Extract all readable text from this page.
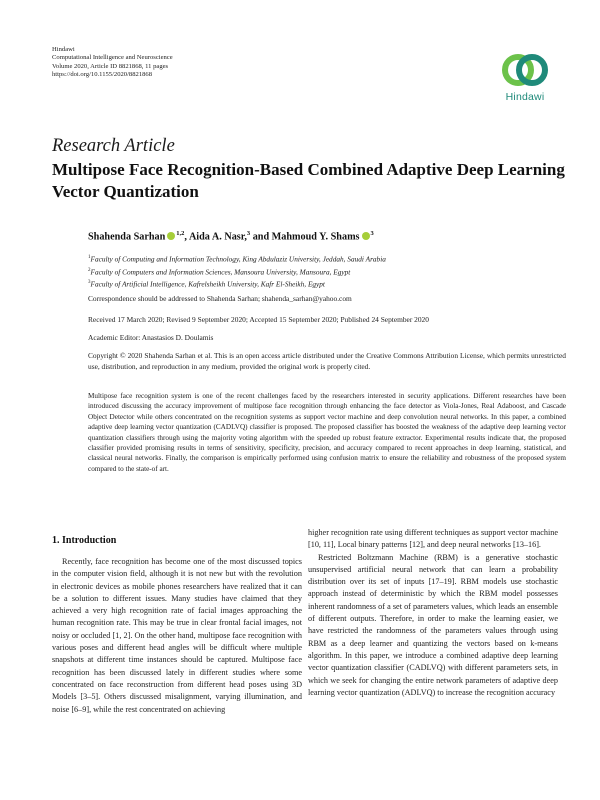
Hindawi
Computational Intelligence and Neuroscience
Volume 2020, Article ID 8821868, 11 pages
https://doi.org/10.1155/2020/8821868
Hindawi
Research Article
Multipose Face Recognition-Based Combined Adaptive Deep Learning Vector Quantization
Shahenda Sarhan $^{1,2}$, Aida A. Nasr,$^3$ and Mahmoud Y. Shams $^3$
$^1$Faculty of Computing and Information Technology, King Abdulaziz University, Jeddah, Saudi Arabia
$^2$Faculty of Computers and Information Sciences, Mansoura University, Mansoura, Egypt
$^3$Faculty of Artificial Intelligence, Kafrelsheikh University, Kafr El-Sheikh, Egypt
Correspondence should be addressed to Shahenda Sarhan; shahenda_sarhan@yahoo.com
Received 17 March 2020; Revised 9 September 2020; Accepted 15 September 2020; Published 24 September 2020
Academic Editor: Anastasios D. Doulamis
Copyright © 2020 Shahenda Sarhan et al. This is an open access article distributed under the Creative Commons Attribution License, which permits unrestricted use, distribution, and reproduction in any medium, provided the original work is properly cited.
Multipose face recognition system is one of the recent challenges faced by the researchers interested in security applications. Different researches have been introduced discussing the accuracy improvement of multipose face recognition through enhancing the face detector as Viola-Jones, Real Adaboost, and Cascade Object Detector while others concentrated on the recognition systems as support vector machine and deep convolution neural networks. In this paper, a combined adaptive deep learning vector quantization (CADLVQ) classifier is proposed. The proposed classifier has boosted the weakness of the adaptive deep learning vector quantization classifiers through using the majority voting algorithm with the speeded up robust feature extractor. Experimental results indicate that, the proposed classifier provided promising results in terms of sensitivity, specificity, precision, and accuracy compared to recent approaches in deep learning, statistical, and classical neural networks. Finally, the comparison is empirically performed using confusion matrix to ensure the reliability and robustness of the proposed system compared to the state-of art.
1. Introduction

Recently, face recognition has become one of the most discussed topics in the computer vision field, although it is not new but with the revolution in electronic devices as mobile phones researchers have realized that it can be a solution to different issues. Many studies have claimed that they achieved a very high recognition rate of facial images approaching the human recognition rate. This may be true in clear frontal facial images, not noisy or occluded [1, 2]. On the other hand, multipose face recognition with various poses and different head angles will be difficult where multiple snapshots at different time instances should be captured. Multipose face recognition has been discussed lately in different studies where some concentrated on face reconstruction from different head poses using 3D Models [3–5]. Others discussed misalignment, varying illumination, and noise [6–9], while the rest concentrated on achieving

higher recognition rate using different techniques as support vector machine [10, 11], Local binary patterns [12], and deep neural networks [13–16].

Restricted Boltzmann Machine (RBM) is a generative stochastic unsupervised artificial neural network that can learn a probability distribution over its set of inputs [17–19]. RBM models use stochastic approach instead of deterministic by which the RBM model possesses inherent randomness of a set of parameters values, which leads an ensemble of different outputs. Therefore, in order to make the learning easier, we have restricted the randomness of the parameters values through using RBM as a deep learner and quantizing the vectors based on k-means algorithm. In this paper, we introduce a combined adaptive deep learning vector quantization classifier (CADLVQ) with different parameters sets, in which we seek for changing the entire network parameters of adaptive deep learning vector quantization (ADLVQ) to increase the recognition accuracy
